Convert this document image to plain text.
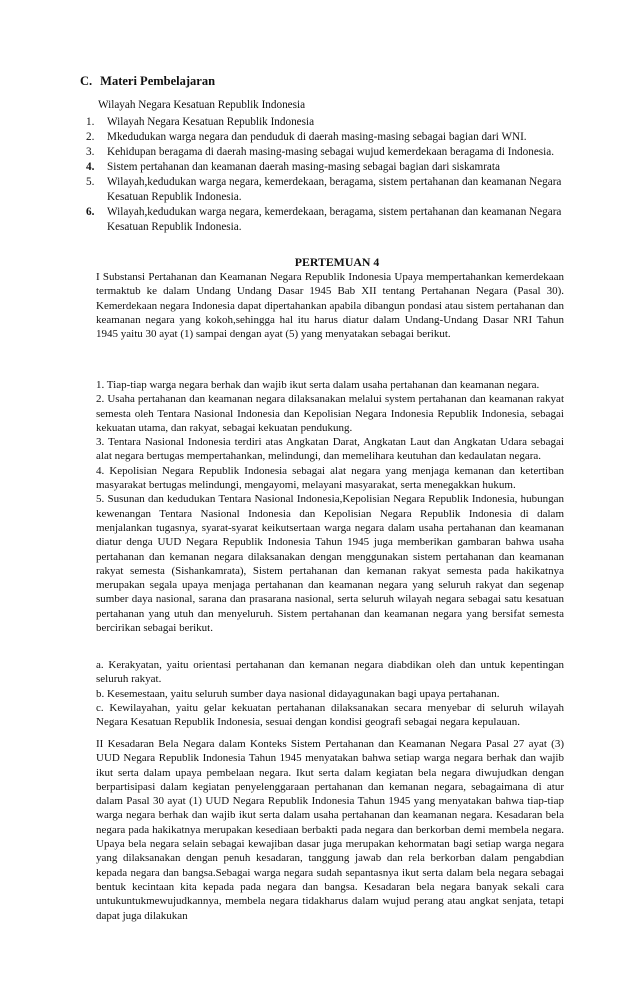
C. Materi Pembelajaran
Wilayah Negara Kesatuan Republik Indonesia
1. Wilayah Negara Kesatuan Republik Indonesia
2. Mkedudukan warga negara dan penduduk di daerah masing-masing sebagai bagian dari WNI.
3. Kehidupan beragama di daerah masing-masing sebagai wujud kemerdekaan beragama di Indonesia.
4. Sistem pertahanan dan keamanan daerah masing-masing sebagai bagian dari siskamrata
5. Wilayah,kedudukan warga negara, kemerdekaan, beragama, sistem pertahanan dan keamanan Negara Kesatuan Republik Indonesia.
6. Wilayah,kedudukan warga negara, kemerdekaan, beragama, sistem pertahanan dan keamanan Negara Kesatuan Republik Indonesia.
PERTEMUAN 4

I Substansi Pertahanan dan Keamanan Negara Republik Indonesia Upaya mempertahankan kemerdekaan termaktub ke dalam Undang Undang Dasar 1945 Bab XII tentang Pertahanan Negara (Pasal 30). Kemerdekaan negara Indonesia dapat dipertahankan apabila dibangun pondasi atau sistem pertahanan dan keamanan negara yang kokoh,sehingga hal itu harus diatur dalam Undang-Undang Dasar NRI Tahun 1945 yaitu 30 ayat (1) sampai dengan ayat (5) yang menyatakan sebagai berikut.

1. Tiap-tiap warga negara berhak dan wajib ikut serta dalam usaha pertahanan dan keamanan negara.

2. Usaha pertahanan dan keamanan negara dilaksanakan melalui system pertahanan dan keamanan rakyat semesta oleh Tentara Nasional Indonesia dan Kepolisian Negara Indonesia Republik Indonesia, sebagai kekuatan utama, dan rakyat, sebagai kekuatan pendukung.

3. Tentara Nasional Indonesia terdiri atas Angkatan Darat, Angkatan Laut dan Angkatan Udara sebagai alat negara bertugas mempertahankan, melindungi, dan memelihara keutuhan dan kedaulatan negara.

4. Kepolisian Negara Republik Indonesia sebagai alat negara yang menjaga kemanan dan ketertiban masyarakat bertugas melindungi, mengayomi, melayani masyarakat, serta menegakkan hukum.

5. Susunan dan kedudukan Tentara Nasional Indonesia,Kepolisian Negara Republik Indonesia, hubungan kewenangan Tentara Nasional Indonesia dan Kepolisian Negara Republik Indonesia di dalam menjalankan tugasnya, syarat-syarat keikutsertaan warga negara dalam usaha pertahanan dan keamanan diatur denga UUD Negara Republik Indonesia Tahun 1945 juga memberikan gambaran bahwa usaha pertahanan dan kemanan negara dilaksanakan dengan menggunakan sistem pertahanan dan keamanan rakyat semesta (Sishankamrata), Sistem pertahanan dan kemanan rakyat semesta pada hakikatnya merupakan segala upaya menjaga pertahanan dan keamanan negara yang seluruh rakyat dan segenap sumber daya nasional, sarana dan prasarana nasional, serta seluruh wilayah negara sebagai satu kesatuan pertahanan yang utuh dan menyeluruh. Sistem pertahanan dan keamanan negara yang bersifat semesta bercirikan sebagai berikut.

a. Kerakyatan, yaitu orientasi pertahanan dan kemanan negara diabdikan oleh dan untuk kepentingan seluruh rakyat.

b. Kesemestaan, yaitu seluruh sumber daya nasional didayagunakan bagi upaya pertahanan.

c. Kewilayahan, yaitu gelar kekuatan pertahanan dilaksanakan secara menyebar di seluruh wilayah Negara Kesatuan Republik Indonesia, sesuai dengan kondisi geografi sebagai negara kepulauan.

II Kesadaran Bela Negara dalam Konteks Sistem Pertahanan dan Keamanan Negara Pasal 27 ayat (3) UUD Negara Republik Indonesia Tahun 1945 menyatakan bahwa setiap warga negara berhak dan wajib ikut serta dalam upaya pembelaan negara. Ikut serta dalam kegiatan bela negara diwujudkan dengan berpartisipasi dalam kegiatan penyelenggaraan pertahanan dan kemanan negara, sebagaimana di atur dalam Pasal 30 ayat (1) UUD Negara Republik Indonesia Tahun 1945 yang menyatakan bahwa tiap-tiap warga negara berhak dan wajib ikut serta dalam usaha pertahanan dan keamanan negara. Kesadaran bela negara pada hakikatnya merupakan kesediaan berbakti pada negara dan berkorban demi membela negara. Upaya bela negara selain sebagai kewajiban dasar juga merupakan kehormatan bagi setiap warga negara yang dilaksanakan dengan penuh kesadaran, tanggung jawab dan rela berkorban dalam pengabdian kepada negara dan bangsa.Sebagai warga negara sudah sepantasnya ikut serta dalam bela negara sebagai bentuk kecintaan kita kepada pada negara dan bangsa. Kesadaran bela negara banyak sekali cara untukuntukmewujudkannya, membela negara tidakharus dalam wujud perang atau angkat senjata, tetapi dapat juga dilakukan
